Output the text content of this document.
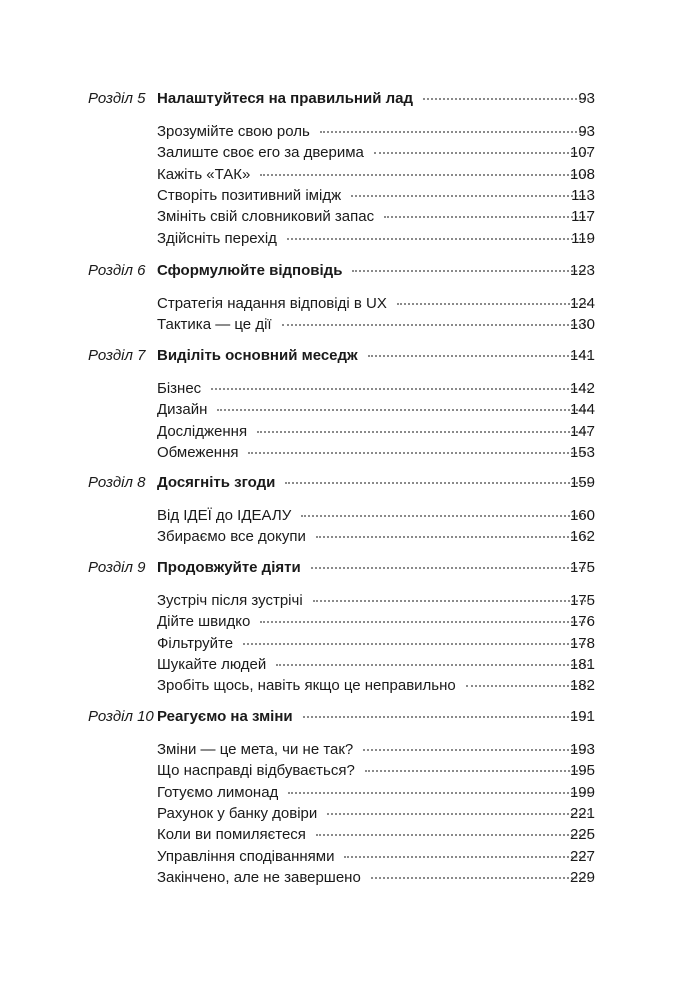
Розділ 5 Налаштуйтеся на правильний лад	93
Зрозумійте свою роль	93
Залиште своє его за дверима	107
Кажіть «ТАК»	108
Створіть позитивний імідж	113
Змініть свій словниковий запас	117
Здійсніть перехід	119
Розділ 6 Сформулюйте відповідь	123
Стратегія надання відповіді в UX	124
Тактика — це дії	130
Розділ 7 Виділіть основний меседж	141
Бізнес	142
Дизайн	144
Дослідження	147
Обмеження	153
Розділ 8 Досягніть згоди	159
Від ІДЕЇ до ІДЕАЛУ	160
Збираємо все докупи	162
Розділ 9 Продовжуйте діяти	175
Зустріч після зустрічі	175
Дійте швидко	176
Фільтруйте	178
Шукайте людей	181
Зробіть щось, навіть якщо це неправильно	182
Розділ 10 Реагуємо на зміни	191
Зміни — це мета, чи не так?	193
Що насправді відбувається?	195
Готуємо лимонад	199
Рахунок у банку довіри	221
Коли ви помиляєтеся	225
Управління сподіваннями	227
Закінчено, але не завершено	229
